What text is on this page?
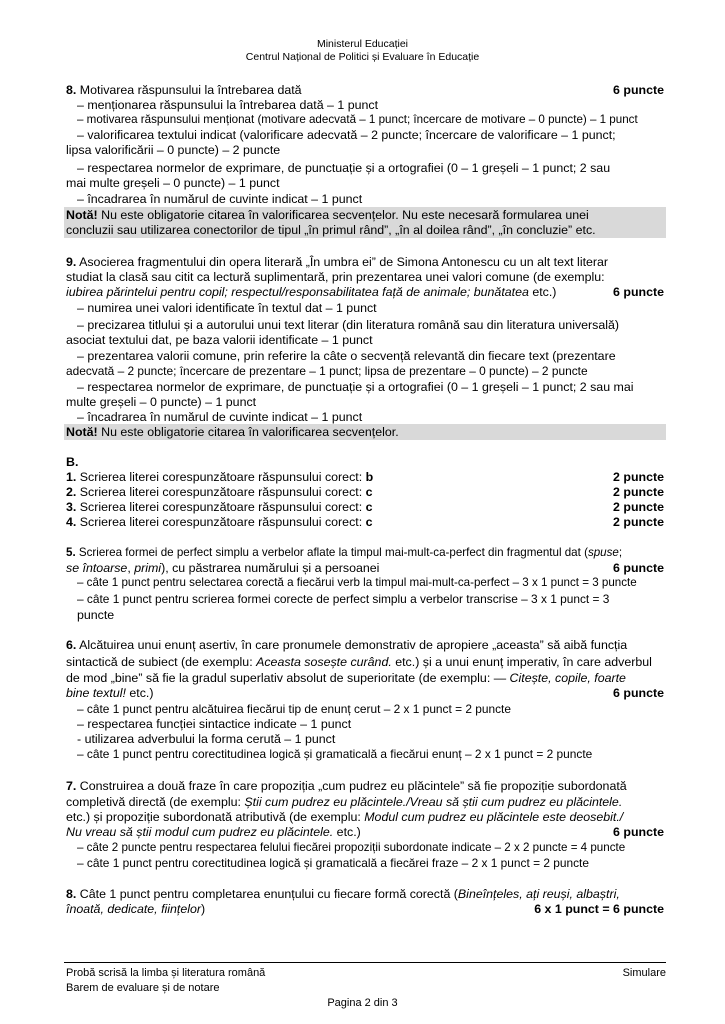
Ministerul Educației
Centrul Național de Politici și Evaluare în Educație
8. Motivarea răspunsului la întrebarea dată	6 puncte
– menționarea răspunsului la întrebarea dată – 1 punct
– motivarea răspunsului menționat (motivare adecvată – 1 punct; încercare de motivare – 0 puncte) – 1 punct
– valorificarea textului indicat (valorificare adecvată – 2 puncte; încercare de valorificare – 1 punct;
lipsa valorificării – 0 puncte) – 2 puncte
– respectarea normelor de exprimare, de punctuație și a ortografiei (0 – 1 greșeli – 1 punct; 2 sau
mai multe greșeli – 0 puncte) – 1 punct
– încadrarea în numărul de cuvinte indicat – 1 punct
Notă! Nu este obligatorie citarea în valorificarea secvențelor. Nu este necesară formularea unei
concluzii sau utilizarea conectorilor de tipul „în primul rând”, „în al doilea rând”, „în concluzie” etc.
9. Asocierea fragmentului din opera literară „În umbra ei” de Simona Antonescu cu un alt text literar
studiat la clasă sau citit ca lectură suplimentară, prin prezentarea unei valori comune (de exemplu:
iubirea părintelui pentru copil; respectul/responsabilitatea față de animale; bunătatea etc.)	6 puncte
– numirea unei valori identificate în textul dat – 1 punct
– precizarea titlului și a autorului unui text literar (din literatura română sau din literatura universală)
asociat textului dat, pe baza valorii identificate – 1 punct
– prezentarea valorii comune, prin referire la câte o secvență relevantă din fiecare text (prezentare
adecvată – 2 puncte; încercare de prezentare – 1 punct; lipsa de prezentare – 0 puncte) – 2 puncte
– respectarea normelor de exprimare, de punctuație și a ortografiei (0 – 1 greșeli – 1 punct; 2 sau mai
multe greșeli – 0 puncte) – 1 punct
– încadrarea în numărul de cuvinte indicat – 1 punct
Notă! Nu este obligatorie citarea în valorificarea secvențelor.
B.
1. Scrierea literei corespunzătoare răspunsului corect: b	2 puncte
2. Scrierea literei corespunzătoare răspunsului corect: c	2 puncte
3. Scrierea literei corespunzătoare răspunsului corect: c	2 puncte
4. Scrierea literei corespunzătoare răspunsului corect: c	2 puncte
5. Scrierea formei de perfect simplu a verbelor aflate la timpul mai-mult-ca-perfect din fragmentul dat (spuse;
se întoarse, primi), cu păstrarea numărului și a persoanei	6 puncte
– câte 1 punct pentru selectarea corectă a fiecărui verb la timpul mai-mult-ca-perfect – 3 x 1 punct = 3 puncte
– câte 1 punct pentru scrierea formei corecte de perfect simplu a verbelor transcrise – 3 x 1 punct = 3
puncte
6. Alcătuirea unui enunț asertiv, în care pronumele demonstrativ de apropiere „aceasta” să aibă funcția
sintactică de subiect (de exemplu: Aceasta sosește curând. etc.) și a unui enunț imperativ, în care adverbul
de mod „bine” să fie la gradul superlativ absolut de superioritate (de exemplu: — Citește, copile, foarte
bine textul! etc.)	6 puncte
– câte 1 punct pentru alcătuirea fiecărui tip de enunț cerut – 2 x 1 punct = 2 puncte
– respectarea funcției sintactice indicate – 1 punct
- utilizarea adverbului la forma cerută – 1 punct
– câte 1 punct pentru corectitudinea logică și gramaticală a fiecărui enunț – 2 x 1 punct = 2 puncte
7. Construirea a două fraze în care propoziția „cum pudrez eu plăcintele” să fie propoziție subordonată
completivă directă (de exemplu: Știi cum pudrez eu plăcintele./Vreau să știi cum pudrez eu plăcintele.
etc.) și propoziție subordonată atributivă (de exemplu: Modul cum pudrez eu plăcintele este deosebit./
Nu vreau să știi modul cum pudrez eu plăcintele. etc.)	6 puncte
– câte 2 puncte pentru respectarea felului fiecărei propoziții subordonate indicate – 2 x 2 puncte = 4 puncte
– câte 1 punct pentru corectitudinea logică și gramaticală a fiecărei fraze – 2 x 1 punct = 2 puncte
8. Câte 1 punct pentru completarea enunțului cu fiecare formă corectă (Bineînțeles, ați reuși, albaștri,
înoată, dedicate, ființelor)	6 x 1 punct = 6 puncte
Probă scrisă la limba și literatura română
Barem de evaluare și de notare
Simulare
Pagina 2 din 3
